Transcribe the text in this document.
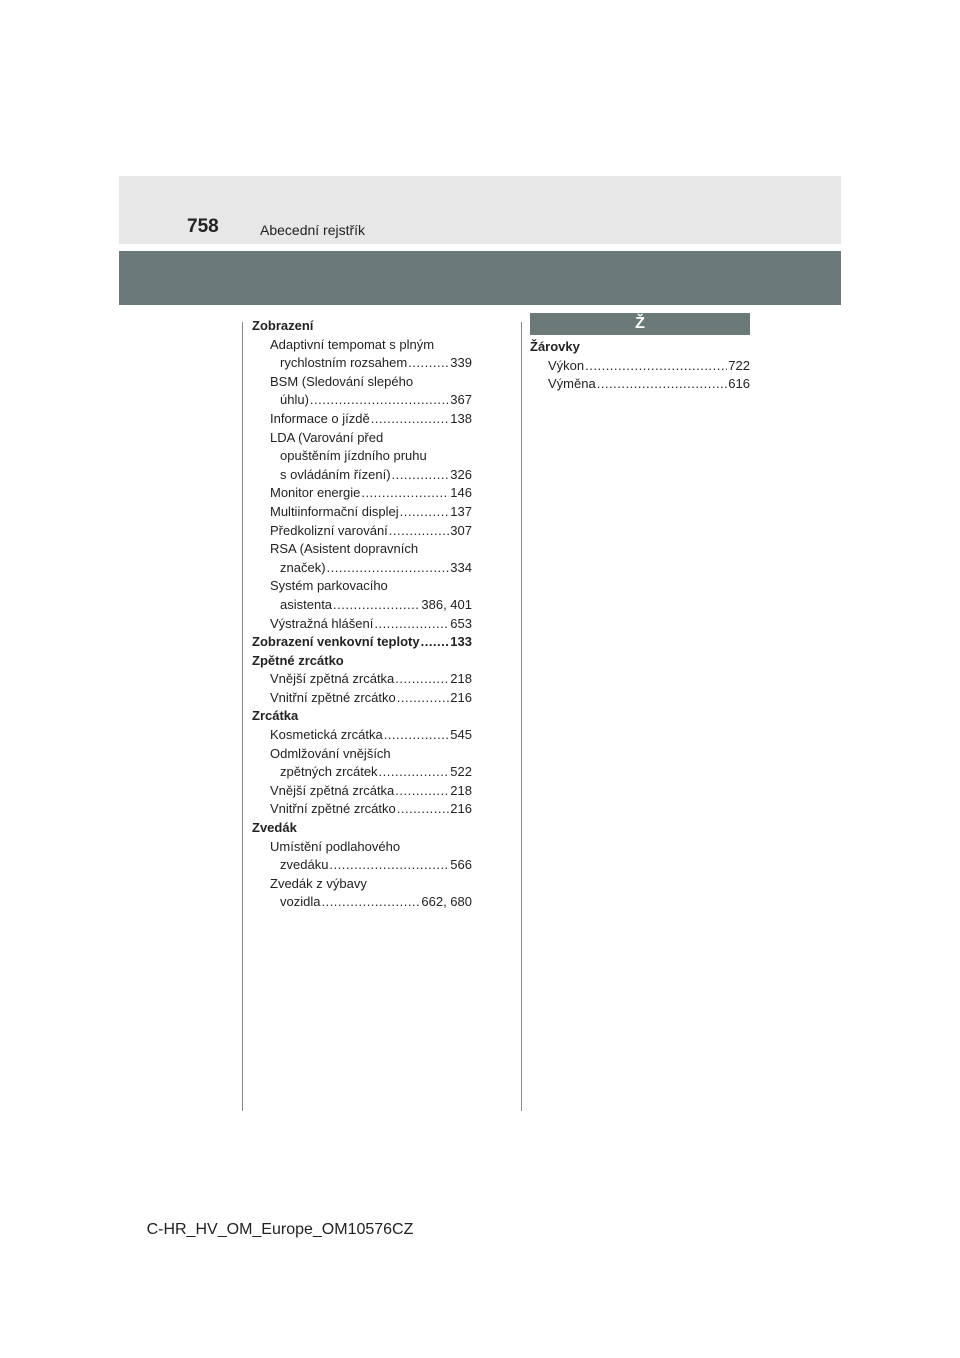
758	Abecední rejstřík
Zobrazení
Adaptivní tempomat s plným
rychlostním rozsahem .....	339
BSM (Sledování slepého
úhlu) .....	367
Informace o jízdě .....	138
LDA (Varování před
opuštěním jízdního pruhu
s ovládáním řízení) .....	326
Monitor energie .....	146
Multiinformační displej .....	137
Předkolizní varování .....	307
RSA (Asistent dopravních
značek) .....	334
Systém parkovacího
asistenta .....	386, 401
Výstražná hlášení .....	653
Zobrazení venkovní teploty ..... 133
Zpětné zrcátko
Vnější zpětná zrcátka .....	218
Vnitřní zpětné zrcátko .....	216
Zrcátka
Kosmetická zrcátka .....	545
Odmlžování vnějších
zpětných zrcátek .....	522
Vnější zpětná zrcátka .....	218
Vnitřní zpětné zrcátko .....	216
Zvedák
Umístění podlahového
zvedáku .....	566
Zvedák z výbavy
vozidla .....	662, 680
Ž
Žárovky
Výkon .....	722
Výměna .....	616
C-HR_HV_OM_Europe_OM10576CZ
